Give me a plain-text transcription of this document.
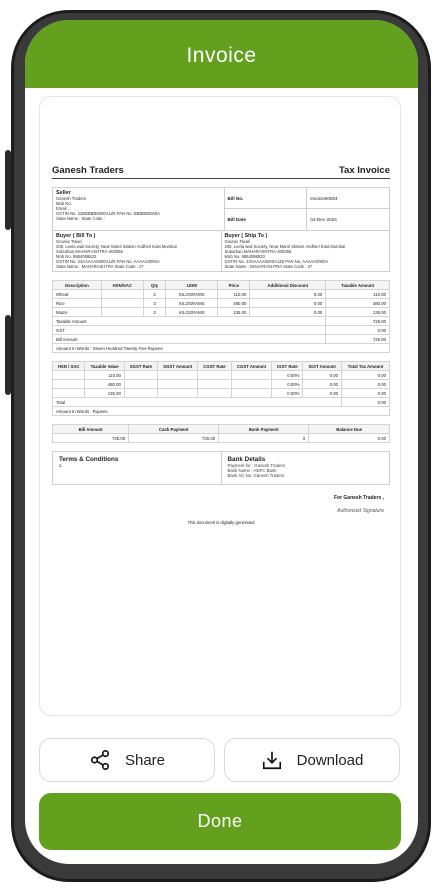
Invoice
Ganesh Traders	Tax Invoice
Seller
Ganesh Traders
Mob No.
Email :
GSTIN No. 22BBBBB0000A1Z5 PAN No. BBBBB0000A
State Name : State Code :
Bill No.	Invoice00004
Bill Date	04-Dec-2024
Buyer ( Bill To )
Gourav Tiwari
205, Leela wali Society, Near Marol Station Andheri East,Mumbai
Suburban,MAHARASHTRA-400056
Mob No. 9864098633
GSTIN No. 23AAAAA0000A1Z5 PAN No. AAAAA0000A
State Name : MAHARASHTRA State Code : 27
Buyer ( Ship To )
Gourav Tiwari
205, Leela wali Society, Near Marol Station Andheri East,Mumbai
Suburban,MAHARASHTRA-400056
Mob No. 9864098633
GSTIN No. 23AAAAA0000A1Z5 PAN No. AAAAA0000A
State Name : MAHARASHTRA State Code : 27
Description	HSN/SAC	Qty	UOM	Price	Additional Discount	Taxable Amount
Wheat		2	KILOGRAMS	110.00	0.00	110.00
Rice		3	KILOGRAMS	480.00	0.00	480.00
Maize		3	KILOGRAMS	135.00	0.00	135.00
Taxable Amount						725.00
GST						0.00
Bill Amount						725.00
Amount In Words : Seven Hundred Twenty Five Rupees						
HSN / SAC	Taxable Value	SGST Rate	SGST Amount	CGST Rate	CGST Amount	IGST Rate	IGST Amount	Total Tax Amount
	110.00					0.00%	0.00	0.00
	480.00					0.00%	0.00	0.00
	135.00					0.00%	0.00	0.00
Total								0.00
Amount In Words : Rupees								
Bill Amount	Cash Payment	Bank Payment	Balance Due
725.00	730.00	0	0.00
Terms & Conditions
1.
Bank Details
Payment for : Ganesh Traders
Bank Name : HDFC Bank
Bank A/c No: Ganesh Traders
For Ganesh Traders ,
Authorized Signature
This document is digitally generated
Share	Download
Done
